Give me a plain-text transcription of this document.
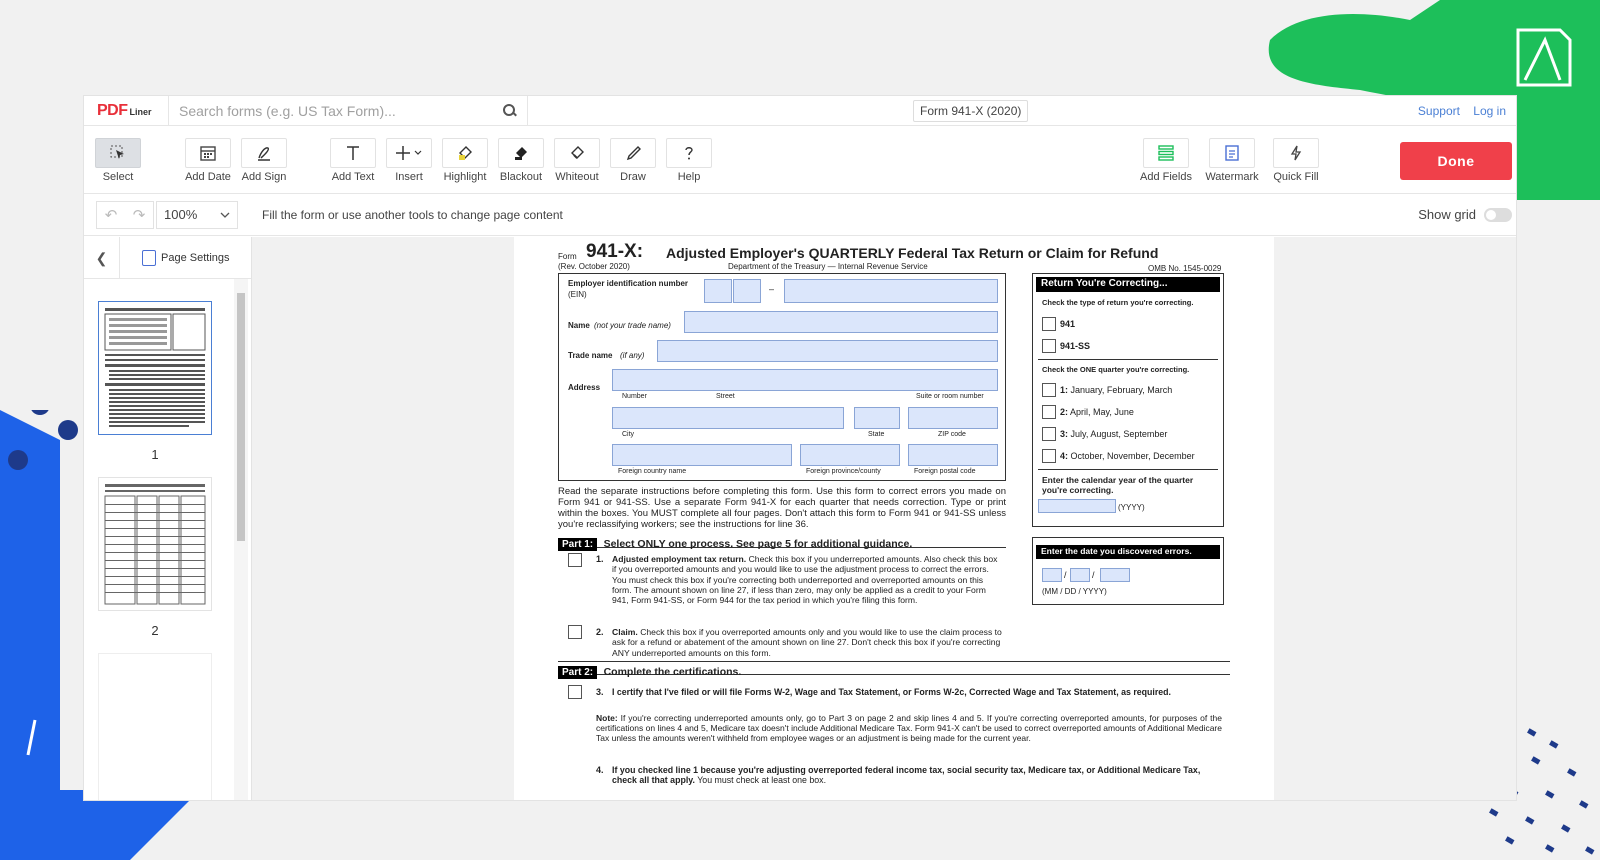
PDF Liner
Search forms (e.g. US Tax Form)...	Form 941-X (2020)	Support Log in
Select	Add Date Add Sign	Add Text	Insert	Highlight	Blackout	Whiteout	Draw	Help	Add Fields	Watermark	Quick Fill
Done
↶ ↷ 100%	Fill the form or use another tools to change page content	Show grid
❮	Page Settings
1
2
Form 941-X: Adjusted Employer's QUARTERLY Federal Tax Return or Claim for Refund
(Rev. October 2020)	Department of the Treasury — Internal Revenue Service	OMB No. 1545-0029
Employer identification number
(EIN)
–
Name (not your trade name)
Trade name (if any)
Address
Number	Street	Suite or room number
City	State	ZIP code
Foreign country name	Foreign province/county	Foreign postal code

Read the separate instructions before completing this form. Use this form to correct errors you made on Form 941 or 941-SS. Use a separate Form 941-X for each quarter that needs correction. Type or print within the boxes. You MUST complete all four pages. Don't attach this form to Form 941 or 941-SS unless you're reclassifying workers; see the instructions for line 36.

Part 1: Select ONLY one process. See page 5 for additional guidance.
1. Adjusted employment tax return. Check this box if you underreported amounts. Also check this box if you overreported amounts and you would like to use the adjustment process to correct the errors. You must check this box if you're correcting both underreported and overreported amounts on this form. The amount shown on line 27, if less than zero, may only be applied as a credit to your Form 941, Form 941-SS, or Form 944 for the tax period in which you're filing this form.

2. Claim. Check this box if you overreported amounts only and you would like to use the claim process to ask for a refund or abatement of the amount shown on line 27. Don't check this box if you're correcting ANY underreported amounts on this form.

Part 2: Complete the certifications.
3. I certify that I've filed or will file Forms W-2, Wage and Tax Statement, or Forms W-2c, Corrected Wage and Tax Statement, as required.

Note: If you're correcting underreported amounts only, go to Part 3 on page 2 and skip lines 4 and 5. If you're correcting overreported amounts, for purposes of the certifications on lines 4 and 5, Medicare tax doesn't include Additional Medicare Tax. Form 941-X can't be used to correct overreported amounts of Additional Medicare Tax unless the amounts weren't withheld from employee wages or an adjustment is being made for the current year.

4. If you checked line 1 because you're adjusting overreported federal income tax, social security tax, Medicare tax, or Additional Medicare Tax, check all that apply. You must check at least one box.

Return You're Correcting...
Check the type of return you're correcting.
941
941-SS
Check the ONE quarter you're correcting.
1: January, February, March
2: April, May, June
3: July, August, September
4: October, November, December

Enter the calendar year of the quarter you're correcting.

(YYYY)
Enter the date you discovered errors.
/	/
(MM / DD / YYYY)
